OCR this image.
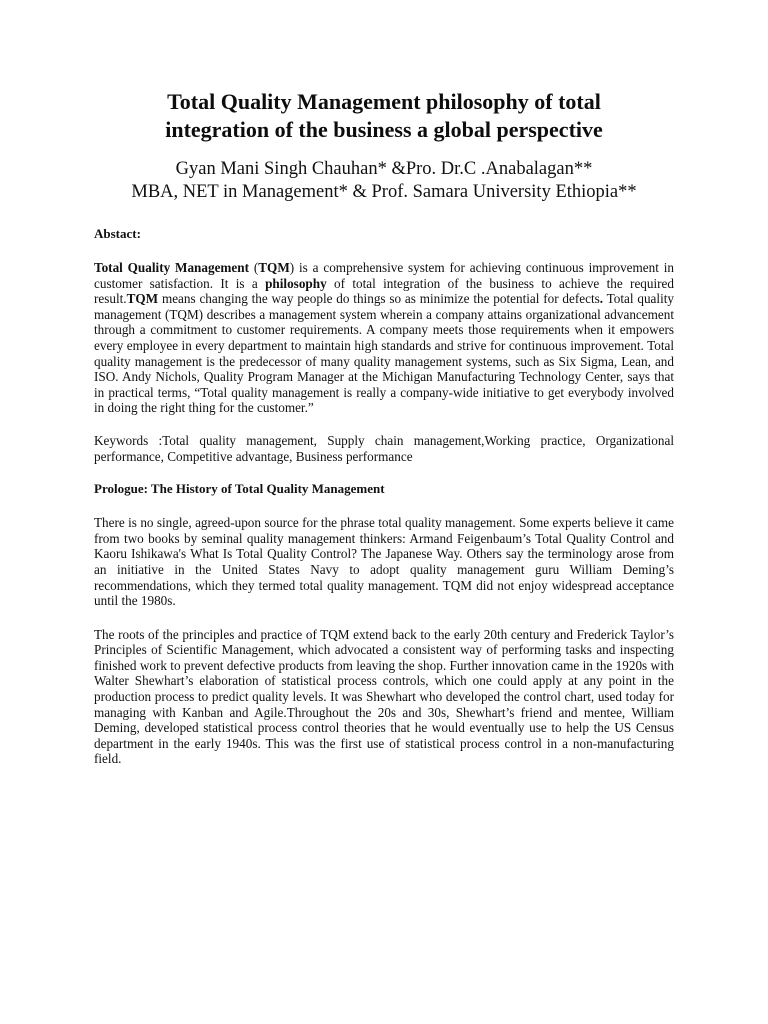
Total Quality Management philosophy of total
integration of the business a global perspective
Gyan Mani Singh Chauhan* &Pro. Dr.C .Anabalagan**
MBA, NET in Management* & Prof. Samara University Ethiopia**

Abstact:

Total Quality Management (TQM) is a comprehensive system for achieving continuous improvement in customer satisfaction. It is a philosophy of total integration of the business to achieve the required result.TQM means changing the way people do things so as minimize the potential for defects. Total quality management (TQM) describes a management system wherein a company attains organizational advancement through a commitment to customer requirements. A company meets those requirements when it empowers every employee in every department to maintain high standards and strive for continuous improvement. Total quality management is the predecessor of many quality management systems, such as Six Sigma, Lean, and ISO. Andy Nichols, Quality Program Manager at the Michigan Manufacturing Technology Center, says that in practical terms, “Total quality management is really a company-wide initiative to get everybody involved in doing the right thing for the customer.”

Keywords :Total quality management, Supply chain management,Working practice, Organizational performance, Competitive advantage, Business performance

Prologue: The History of Total Quality Management

There is no single, agreed-upon source for the phrase total quality management. Some experts believe it came from two books by seminal quality management thinkers: Armand Feigenbaum’s Total Quality Control and Kaoru Ishikawa's What Is Total Quality Control? The Japanese Way. Others say the terminology arose from an initiative in the United States Navy to adopt quality management guru William Deming’s recommendations, which they termed total quality management. TQM did not enjoy widespread acceptance until the 1980s.

The roots of the principles and practice of TQM extend back to the early 20th century and Frederick Taylor’s Principles of Scientific Management, which advocated a consistent way of performing tasks and inspecting finished work to prevent defective products from leaving the shop. Further innovation came in the 1920s with Walter Shewhart’s elaboration of statistical process controls, which one could apply at any point in the production process to predict quality levels. It was Shewhart who developed the control chart, used today for managing with Kanban and Agile.Throughout the 20s and 30s, Shewhart’s friend and mentee, William Deming, developed statistical process control theories that he would eventually use to help the US Census department in the early 1940s. This was the first use of statistical process control in a non-manufacturing field.
